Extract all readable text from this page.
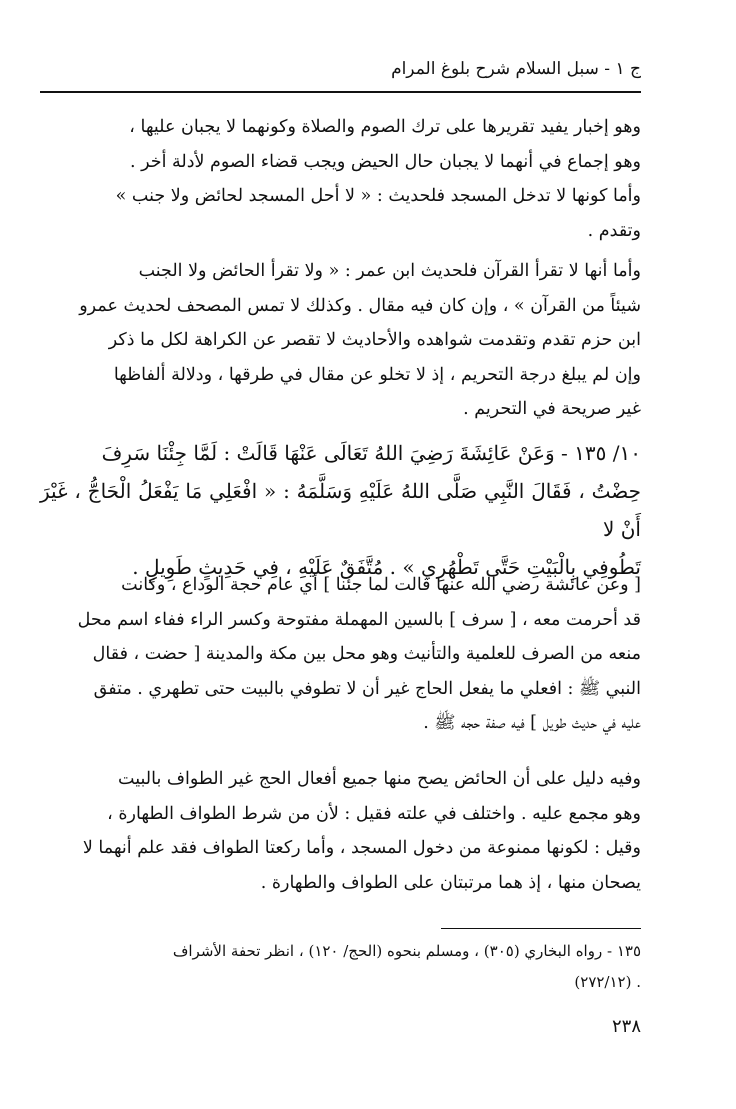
ج ١ - سبل السلام شرح بلوغ المرام
وهو إخبار يفيد تقريرها على ترك الصوم والصلاة وكونهما لا يجبان عليها ،
وهو إجماع في أنهما لا يجبان حال الحيض ويجب قضاء الصوم لأدلة أخر .
وأما كونها لا تدخل المسجد فلحديث : « لا أحل المسجد لحائض ولا جنب »
وتقدم .
وأما أنها لا تقرأ القرآن فلحديث ابن عمر : « ولا تقرأ الحائض ولا الجنب
شيئاً من القرآن » ، وإن كان فيه مقال . وكذلك لا تمس المصحف لحديث عمرو
ابن حزم تقدم وتقدمت شواهده والأحاديث لا تقصر عن الكراهة لكل ما ذكر
وإن لم يبلغ درجة التحريم ، إذ لا تخلو عن مقال في طرقها ، ودلالة ألفاظها
غير صريحة في التحريم .
١٠/ ١٣٥ - وَعَنْ عَائِشَةَ رَضِيَ اللهُ تَعَالَى عَنْهَا قَالَتْ : لَمَّا جِئْنَا سَرِفَ
حِضْتُ ، فَقَالَ النَّبِي صَلَّى اللهُ عَلَيْهِ وَسَلَّمَهُ : « افْعَلِي مَا يَفْعَلُ الْحَاجُّ ، غَيْرَ أَنْ لا
تَطُوفِي بِالْبَيْتِ حَتَّى تَطْهُرِي » . مُتَّفَقٌ عَلَيْهِ ، فِي حَدِيثٍ طَوِيلٍ .
[ وعن عائشة رضي الله عنها قالت لما جئنا ] أي عام حجة الوداع ، وكانت
قد أحرمت معه ، [ سرف ] بالسين المهملة مفتوحة وكسر الراء ففاء اسم محل
منعه من الصرف للعلمية والتأنيث وهو محل بين مكة والمدينة [ حضت ، فقال
النبي ﷺ : افعلي ما يفعل الحاج غير أن لا تطوفي بالبيت حتى تطهري . متفق
عليه في حديث طويل ] فيه صفة حجه ﷺ .
وفيه دليل على أن الحائض يصح منها جميع أفعال الحج غير الطواف بالبيت
وهو مجمع عليه . واختلف في علته فقيل : لأن من شرط الطواف الطهارة ،
وقيل : لكونها ممنوعة من دخول المسجد ، وأما ركعتا الطواف فقد علم أنهما لا
يصحان منها ، إذ هما مرتبتان على الطواف والطهارة .
١٣٥ - رواه البخاري (٣٠٥) ، ومسلم بنحوه (الحج/ ١٢٠) ، انظر تحفة الأشراف
. (٢٧٢/١٢)
٢٣٨
